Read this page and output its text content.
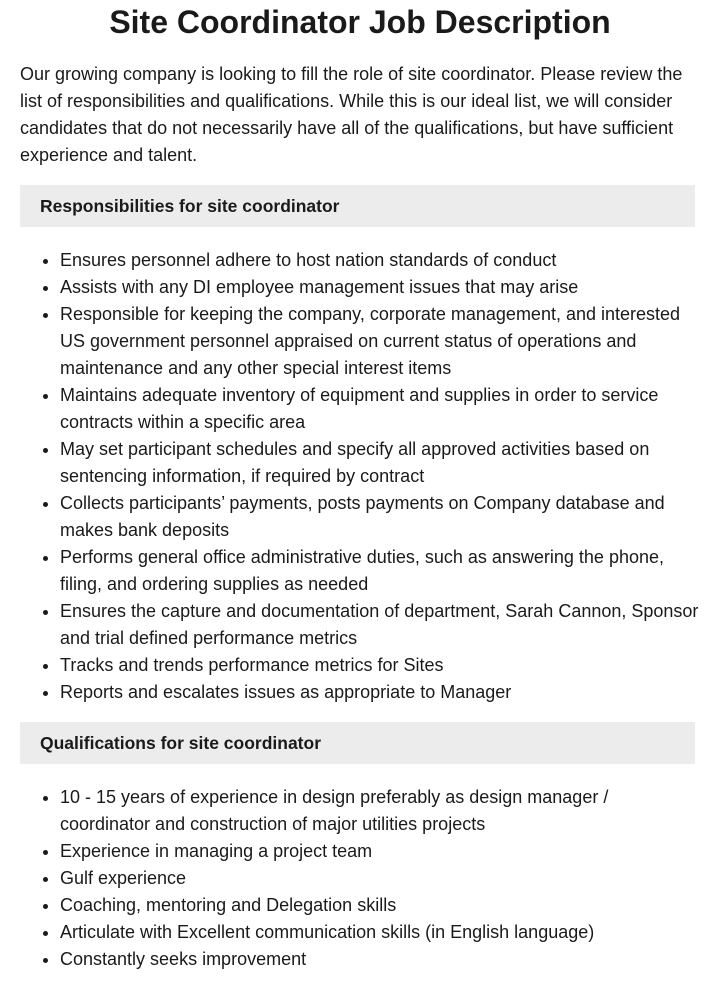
Site Coordinator Job Description

Our growing company is looking to fill the role of site coordinator. Please review the list of responsibilities and qualifications. While this is our ideal list, we will consider candidates that do not necessarily have all of the qualifications, but have sufficient experience and talent.

Responsibilities for site coordinator
• Ensures personnel adhere to host nation standards of conduct
• Assists with any DI employee management issues that may arise
• Responsible for keeping the company, corporate management, and interested US government personnel appraised on current status of operations and maintenance and any other special interest items
• Maintains adequate inventory of equipment and supplies in order to service contracts within a specific area
• May set participant schedules and specify all approved activities based on sentencing information, if required by contract
• Collects participants’ payments, posts payments on Company database and makes bank deposits
• Performs general office administrative duties, such as answering the phone, filing, and ordering supplies as needed
• Ensures the capture and documentation of department, Sarah Cannon, Sponsor and trial defined performance metrics
• Tracks and trends performance metrics for Sites
• Reports and escalates issues as appropriate to Manager
Qualifications for site coordinator
• 10 - 15 years of experience in design preferably as design manager / coordinator and construction of major utilities projects
• Experience in managing a project team
• Gulf experience
• Coaching, mentoring and Delegation skills
• Articulate with Excellent communication skills (in English language)
• Constantly seeks improvement
